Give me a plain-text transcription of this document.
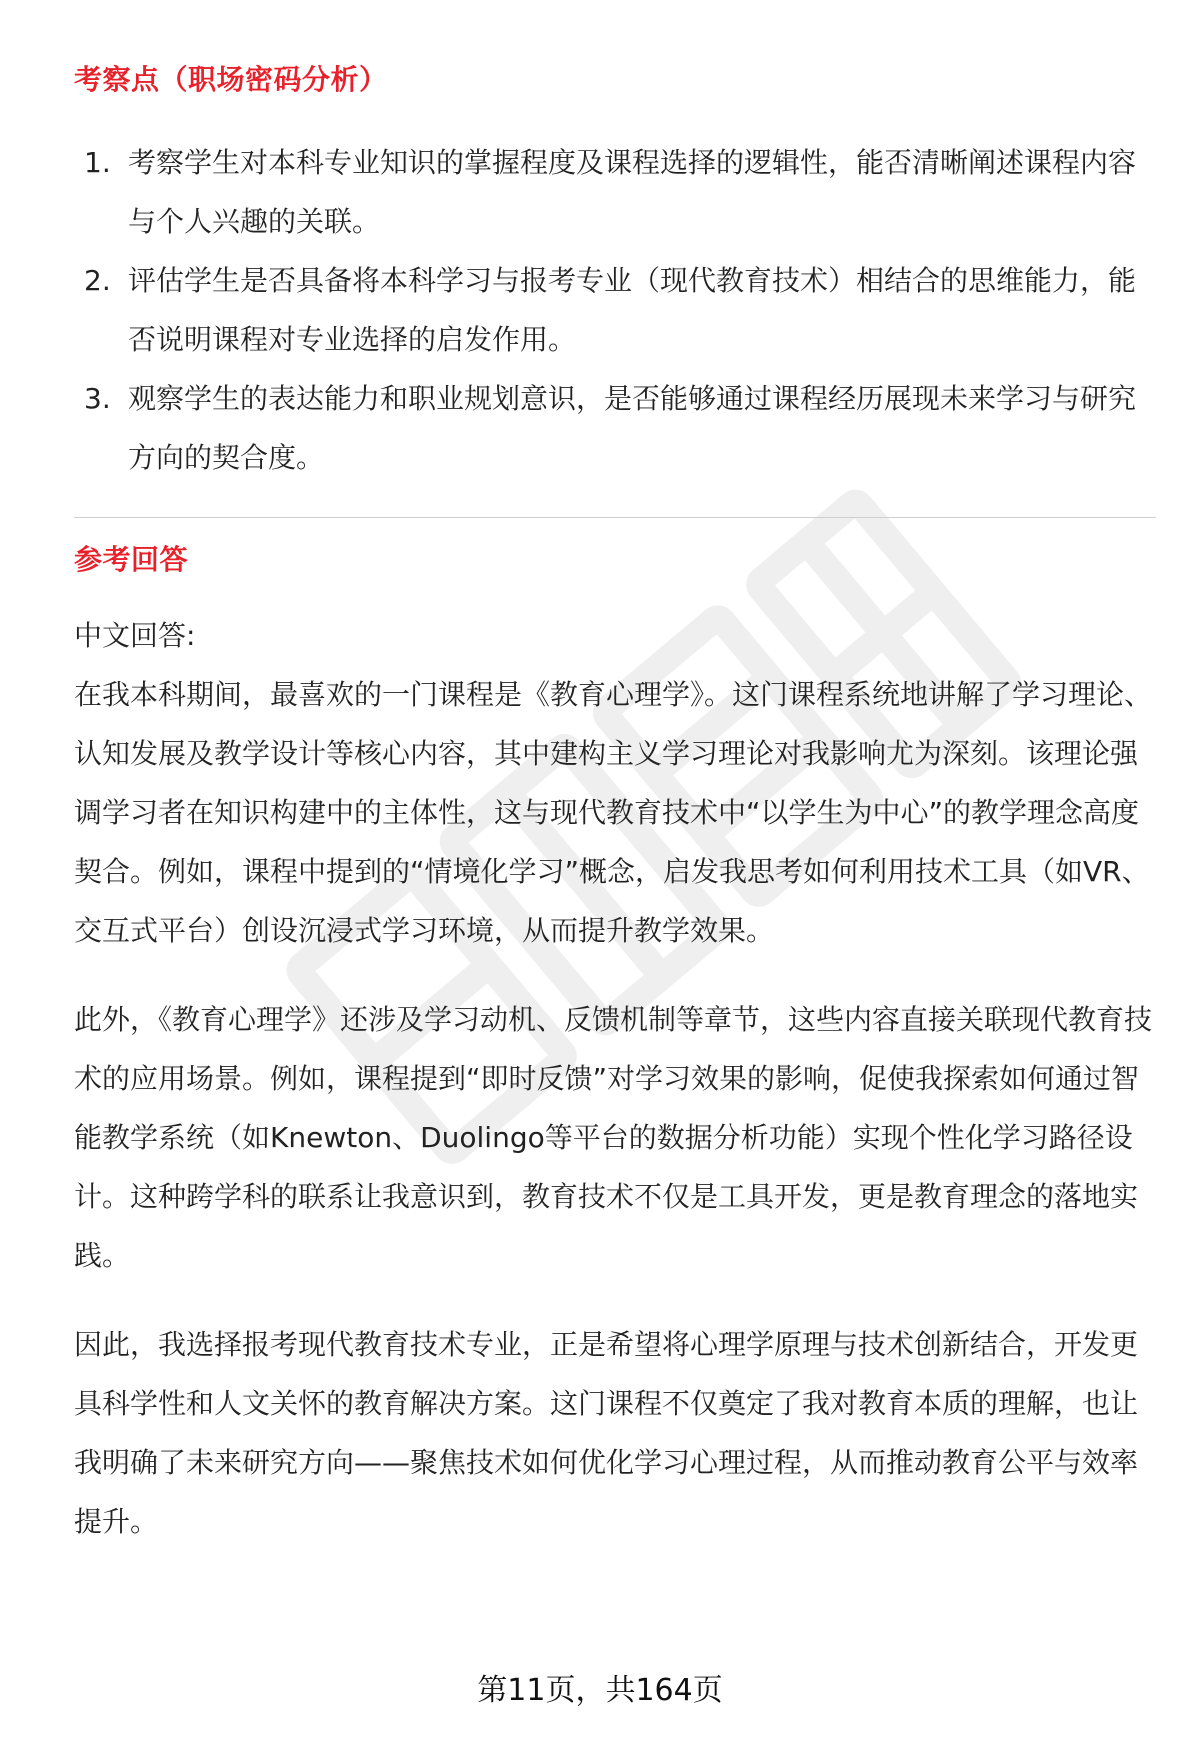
考察点（职场密码分析）
1. 考察学生对本科专业知识的掌握程度及课程选择的逻辑性，能否清晰阐述课程内容与个人兴趣的关联。
2. 评估学生是否具备将本科学习与报考专业（现代教育技术）相结合的思维能力，能否说明课程对专业选择的启发作用。
3. 观察学生的表达能力和职业规划意识，是否能够通过课程经历展现未来学习与研究方向的契合度。
参考回答

中文回答:

在我本科期间，最喜欢的一门课程是《教育心理学》。这门课程系统地讲解了学习理论、认知发展及教学设计等核心内容，其中建构主义学习理论对我影响尤为深刻。该理论强调学习者在知识构建中的主体性，这与现代教育技术中“以学生为中心”的教学理念高度契合。例如，课程中提到的“情境化学习”概念，启发我思考如何利用技术工具（如VR、交互式平台）创设沉浸式学习环境，从而提升教学效果。

此外，《教育心理学》还涉及学习动机、反馈机制等章节，这些内容直接关联现代教育技术的应用场景。例如，课程提到“即时反馈”对学习效果的影响，促使我探索如何通过智能教学系统（如Knewton、Duolingo等平台的数据分析功能）实现个性化学习路径设计。这种跨学科的联系让我意识到，教育技术不仅是工具开发，更是教育理念的落地实践。

因此，我选择报考现代教育技术专业，正是希望将心理学原理与技术创新结合，开发更具科学性和人文关怀的教育解决方案。这门课程不仅奠定了我对教育本质的理解，也让我明确了未来研究方向——聚焦技术如何优化学习心理过程，从而推动教育公平与效率提升。

第11页，共164页
